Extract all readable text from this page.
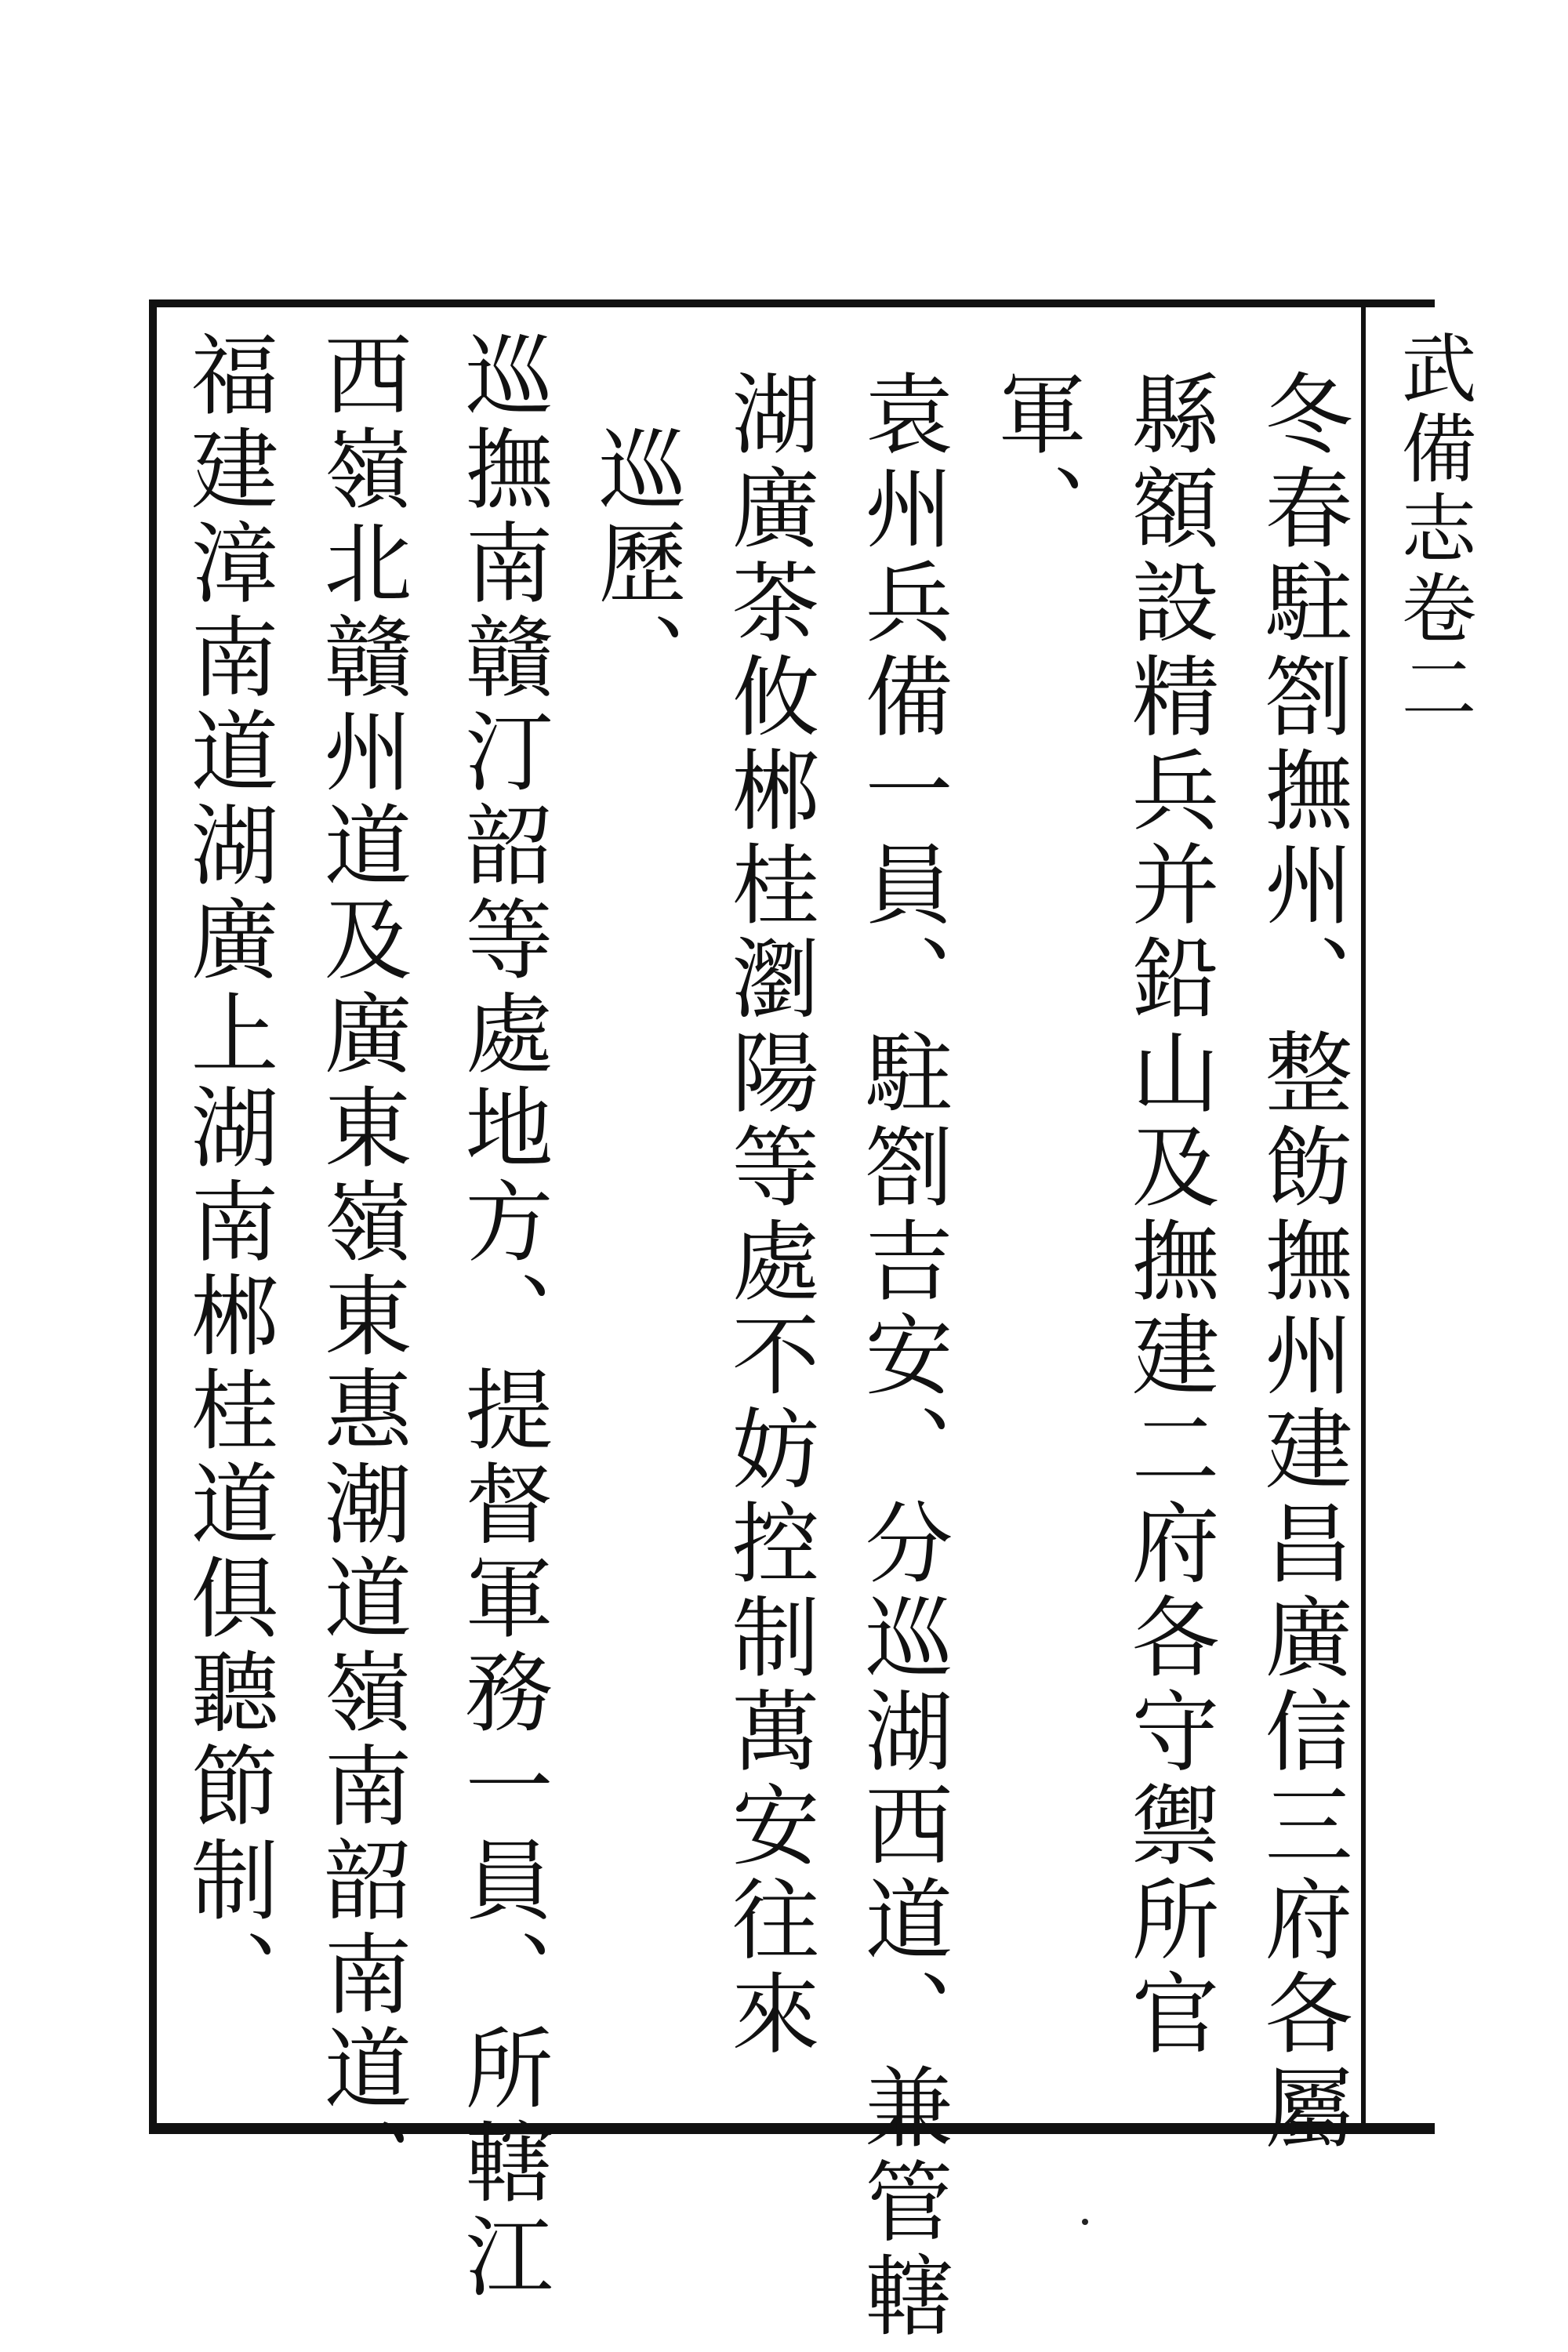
武備志卷二
冬春駐劄撫州、整飭撫州建昌廣信三府各屬
縣額設精兵并鉛山及撫建二府各守禦所官
軍、
袁州兵備一員、駐劄吉安、分巡湖西道、兼管轄
湖廣茶攸郴桂瀏陽等處不妨控制萬安往來
巡歷、
巡撫南贛汀韶等處地方、提督軍務一員、所轄江
西嶺北贛州道及廣東嶺東惠潮道嶺南韶南道、
福建漳南道湖廣上湖南郴桂道俱聽節制、
